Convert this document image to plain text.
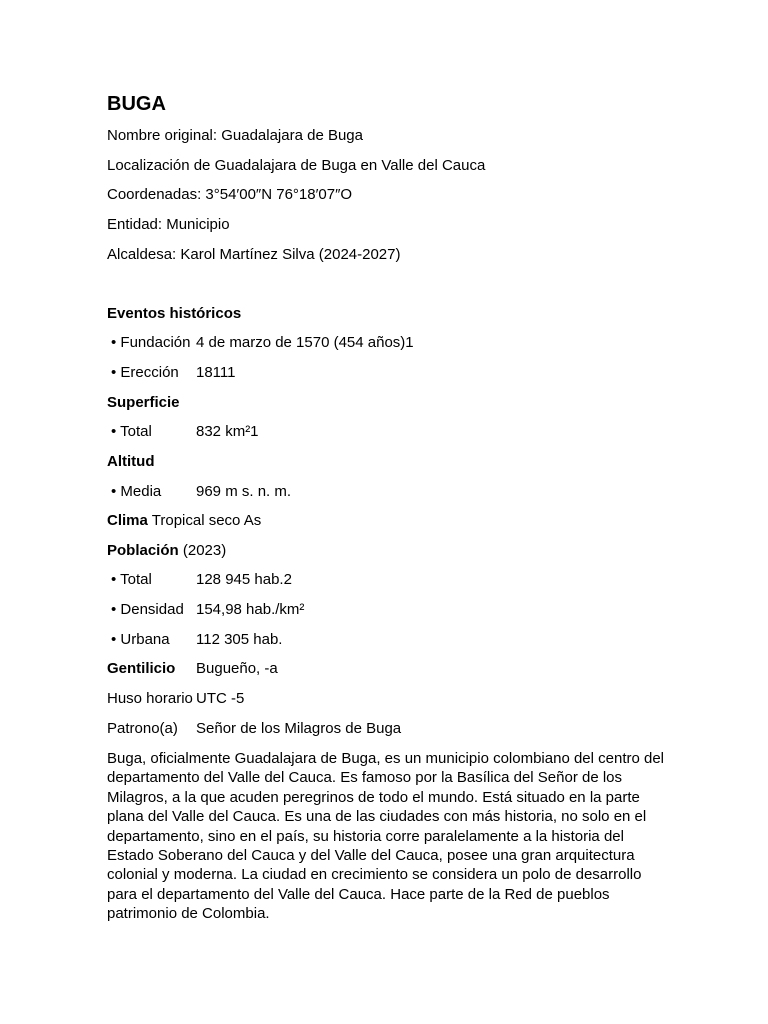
BUGA
Nombre original: Guadalajara de Buga
Localización de Guadalajara de Buga en Valle del Cauca
Coordenadas: 3°54′00″N 76°18′07″O
Entidad: Municipio
Alcaldesa: Karol Martínez Silva (2024-2027)
Eventos históricos
• Fundación 4 de marzo de 1570 (454 años)1
• Erección 18111
Superficie
• Total	832 km²1
Altitud
• Media 969 m s. n. m.
Clima Tropical seco As
Población (2023)
• Total	128 945 hab.2
• Densidad 154,98 hab./km²
• Urbana 112 305 hab.
Gentilicio Bugueño, -a
Huso horario UTC -5
Patrono(a) Señor de los Milagros de Buga
Buga, oficialmente Guadalajara de Buga, es un municipio colombiano del centro del departamento del Valle del Cauca. Es famoso por la Basílica del Señor de los Milagros, a la que acuden peregrinos de todo el mundo. Está situado en la parte plana del Valle del Cauca. Es una de las ciudades con más historia, no solo en el departamento, sino en el país, su historia corre paralelamente a la historia del Estado Soberano del Cauca y del Valle del Cauca, posee una gran arquitectura colonial y moderna. La ciudad en crecimiento se considera un polo de desarrollo para el departamento del Valle del Cauca. Hace parte de la Red de pueblos patrimonio de Colombia.
